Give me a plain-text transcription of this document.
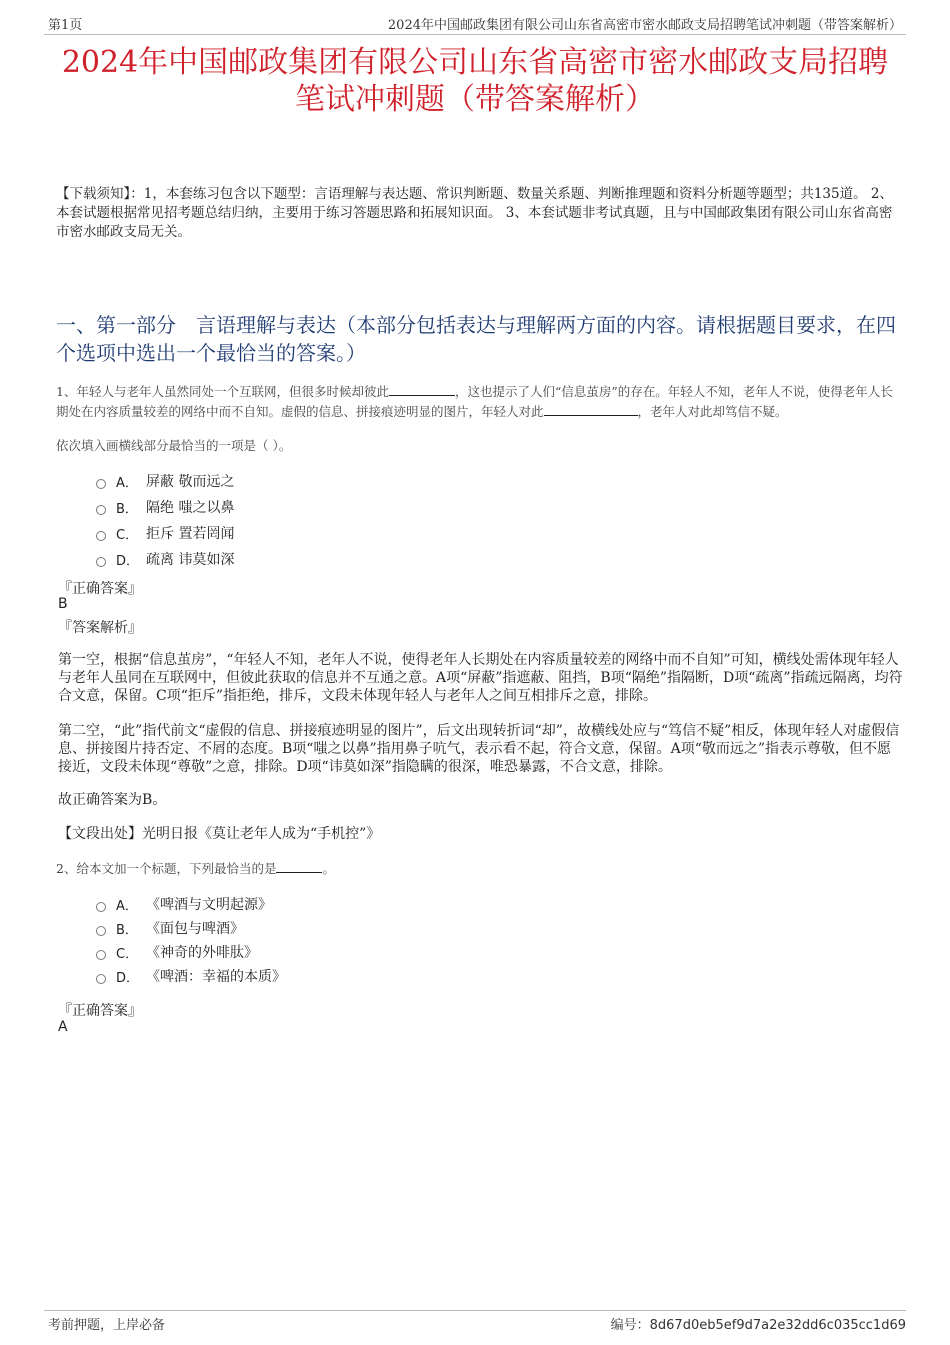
第1页	2024年中国邮政集团有限公司山东省高密市密水邮政支局招聘笔试冲刺题（带答案解析）
2024年中国邮政集团有限公司山东省高密市密水邮政支局招聘
笔试冲刺题（带答案解析）
【下载须知】：1，本套练习包含以下题型：言语理解与表达题、常识判断题、数量关系题、判断推理题和资料分析题等题型；共135道。 2、本套试题根据常见招考题总结归纳，主要用于练习答题思路和拓展知识面。 3、本套试题非考试真题，且与中国邮政集团有限公司山东省高密市密水邮政支局无关。
一、第一部分　言语理解与表达（本部分包括表达与理解两方面的内容。请根据题目要求，在四个选项中选出一个最恰当的答案。）
1、年轻人与老年人虽然同处一个互联网，但很多时候却彼此	，这也提示了人们“信息茧房”的存在。年轻人不知，老年人不说，使得老年人长期处在内容质量较差的网络中而不自知。虚假的信息、拼接痕迹明显的图片，年轻人对此	，老年人对此却笃信不疑。
依次填入画横线部分最恰当的一项是（ ）。
A． 屏蔽 敬而远之
B． 隔绝 嗤之以鼻
C． 拒斥 置若罔闻
D． 疏离 讳莫如深
『正确答案』
B
『答案解析』
第一空，根据“信息茧房”，“年轻人不知，老年人不说，使得老年人长期处在内容质量较差的网络中而不自知”可知，横线处需体现年轻人与老年人虽同在互联网中，但彼此获取的信息并不互通之意。A项“屏蔽”指遮蔽、阻挡，B项“隔绝”指隔断，D项“疏离”指疏远隔离，均符合文意，保留。C项“拒斥”指拒绝，排斥，文段未体现年轻人与老年人之间互相排斥之意，排除。
第二空，“此”指代前文“虚假的信息、拼接痕迹明显的图片”，后文出现转折词“却”，故横线处应与“笃信不疑”相反，体现年轻人对虚假信息、拼接图片持否定、不屑的态度。B项“嗤之以鼻”指用鼻子吭气，表示看不起，符合文意，保留。A项“敬而远之”指表示尊敬，但不愿接近，文段未体现“尊敬”之意，排除。D项“讳莫如深”指隐瞒的很深，唯恐暴露，不合文意，排除。
故正确答案为B。
【文段出处】光明日报《莫让老年人成为“手机控”》
2、给本文加一个标题，下列最恰当的是	。
A． 《啤酒与文明起源》
B． 《面包与啤酒》
C． 《神奇的外啡肽》
D． 《啤酒：幸福的本质》
『正确答案』
A
考前押题，上岸必备	编号：8d67d0eb5ef9d7a2e32dd6c035cc1d69
